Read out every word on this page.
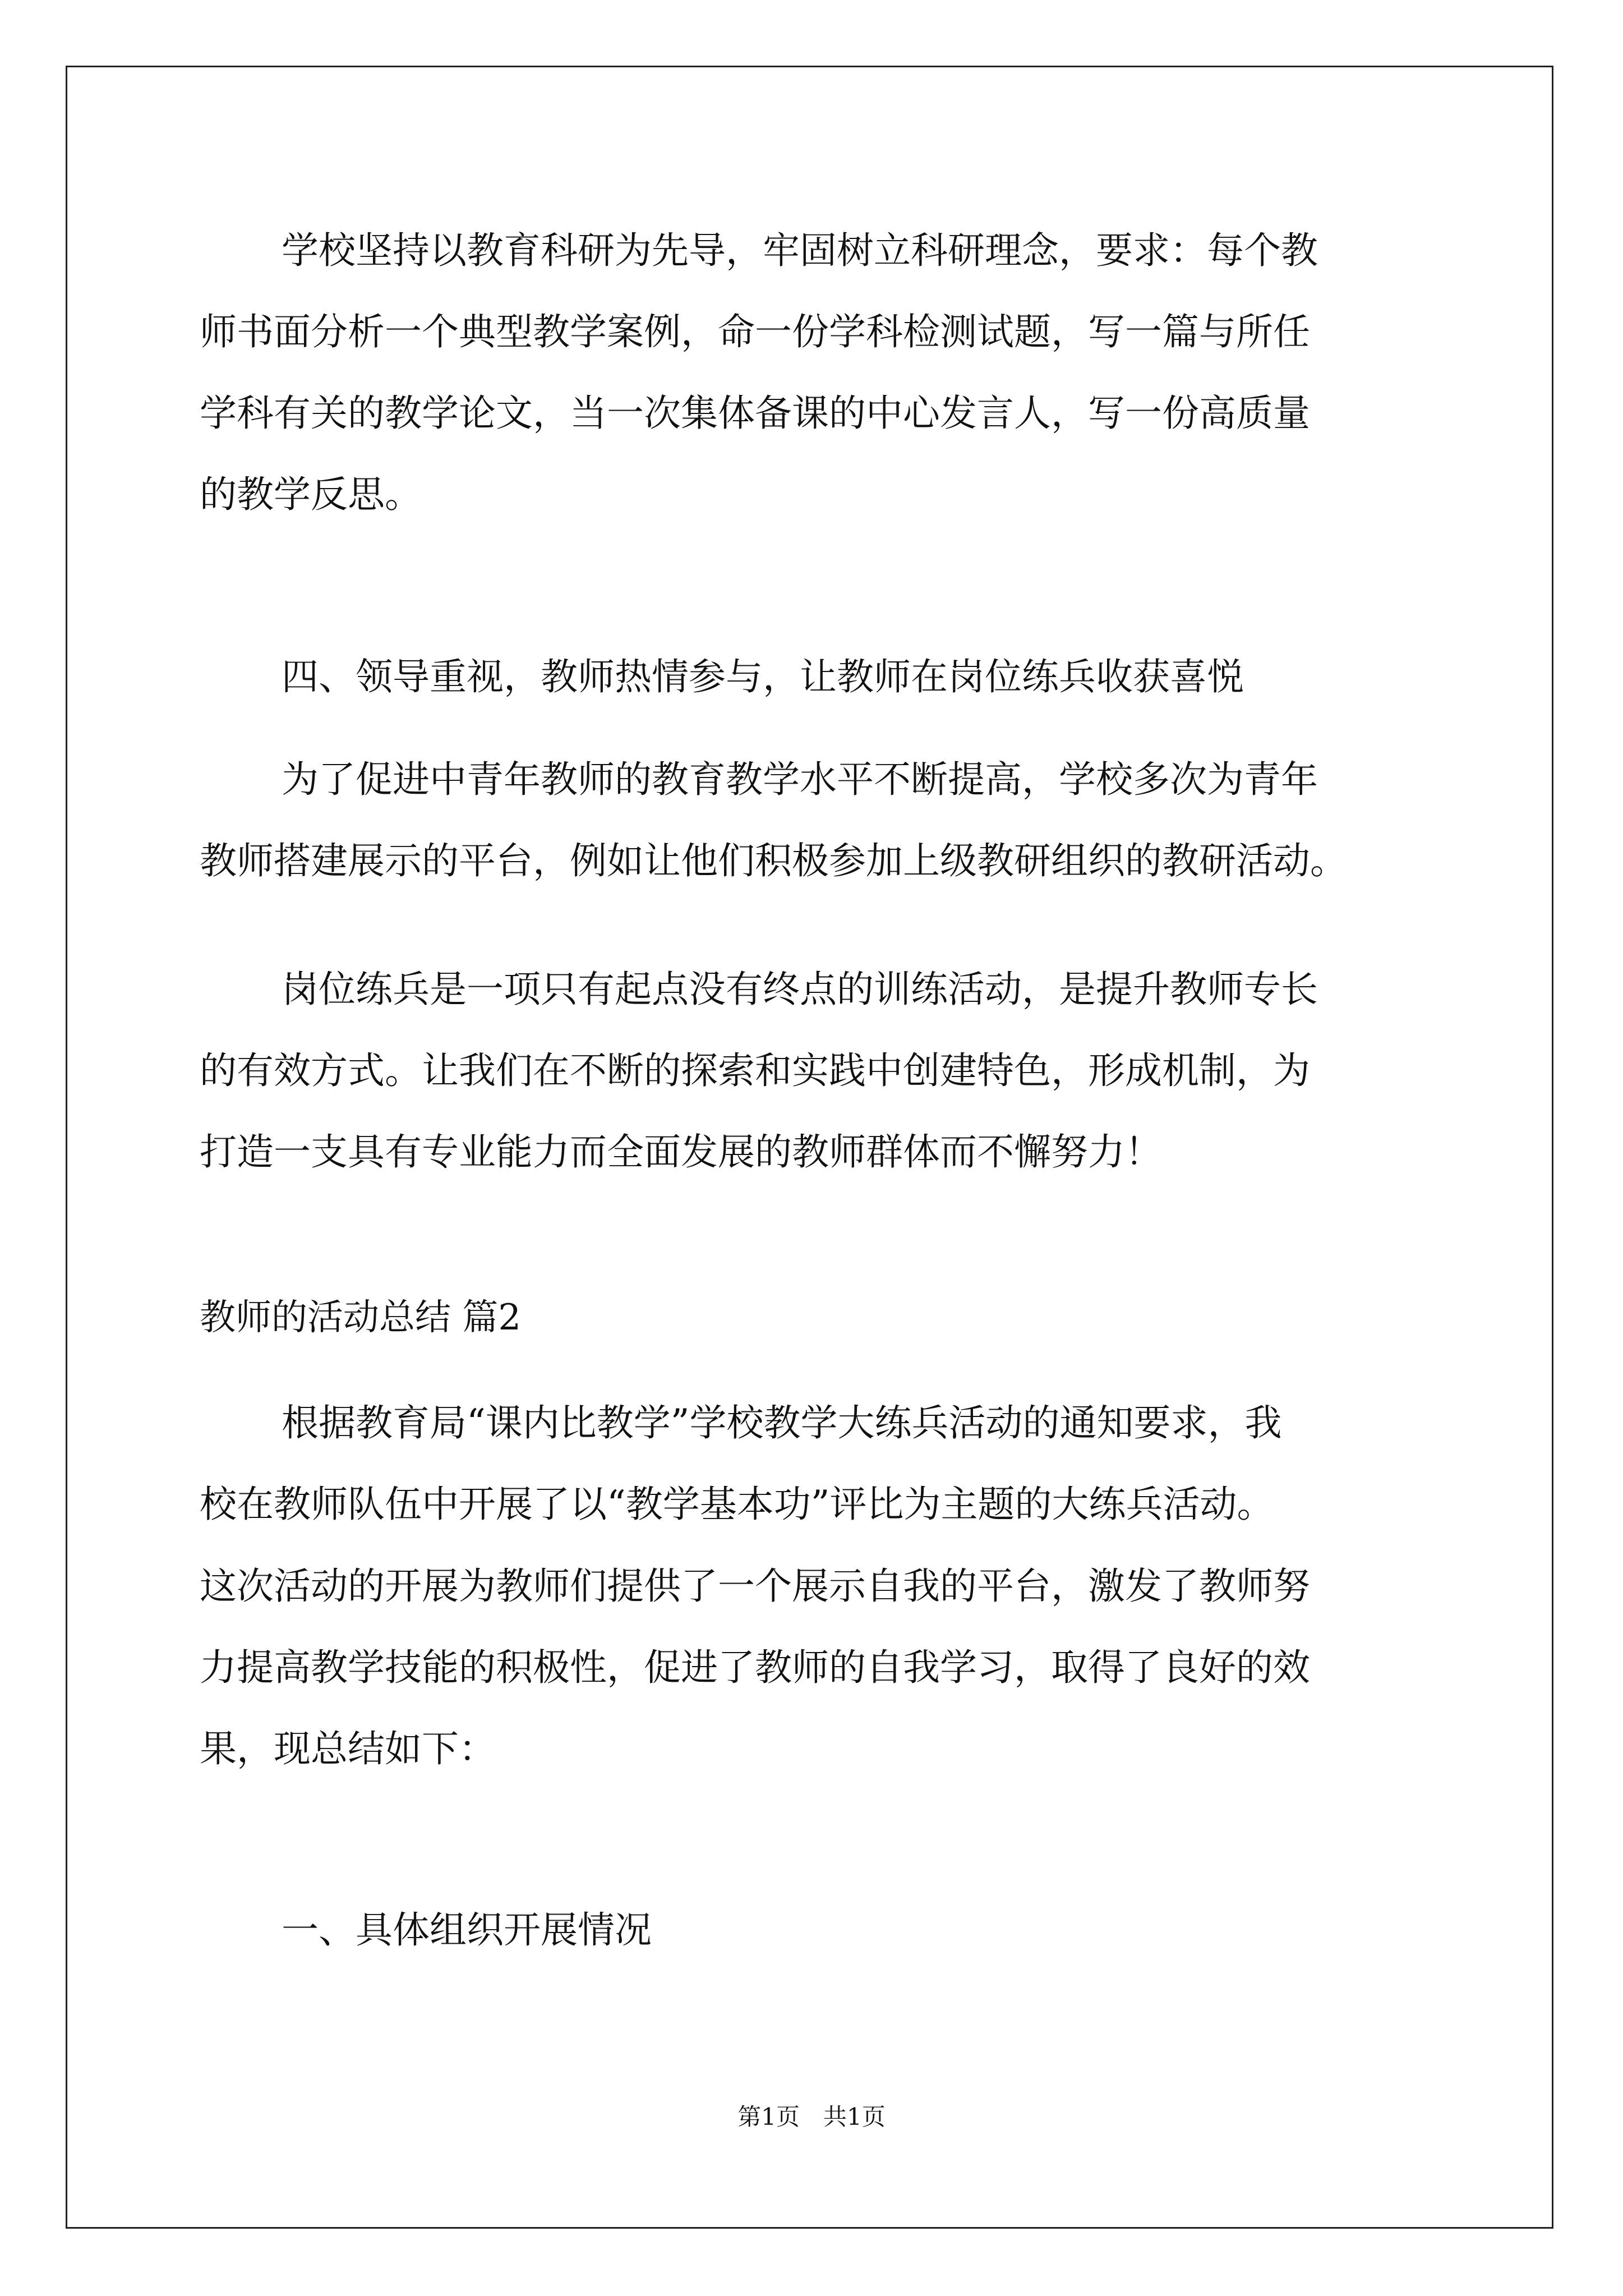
学校坚持以教育科研为先导，牢固树立科研理念，要求：每个教
师书面分析一个典型教学案例，命一份学科检测试题，写一篇与所任
学科有关的教学论文，当一次集体备课的中心发言人，写一份高质量
的教学反思。
四、领导重视，教师热情参与，让教师在岗位练兵收获喜悦
为了促进中青年教师的教育教学水平不断提高，学校多次为青年
教师搭建展示的平台，例如让他们积极参加上级教研组织的教研活动。
岗位练兵是一项只有起点没有终点的训练活动，是提升教师专长
的有效方式。让我们在不断的探索和实践中创建特色，形成机制，为
打造一支具有专业能力而全面发展的教师群体而不懈努力！
教师的活动总结 篇2
根据教育局“课内比教学”学校教学大练兵活动的通知要求，我
校在教师队伍中开展了以“教学基本功”评比为主题的大练兵活动。
这次活动的开展为教师们提供了一个展示自我的平台，激发了教师努
力提高教学技能的积极性，促进了教师的自我学习，取得了良好的效
果，现总结如下：
一、具体组织开展情况
第1页　共1页
